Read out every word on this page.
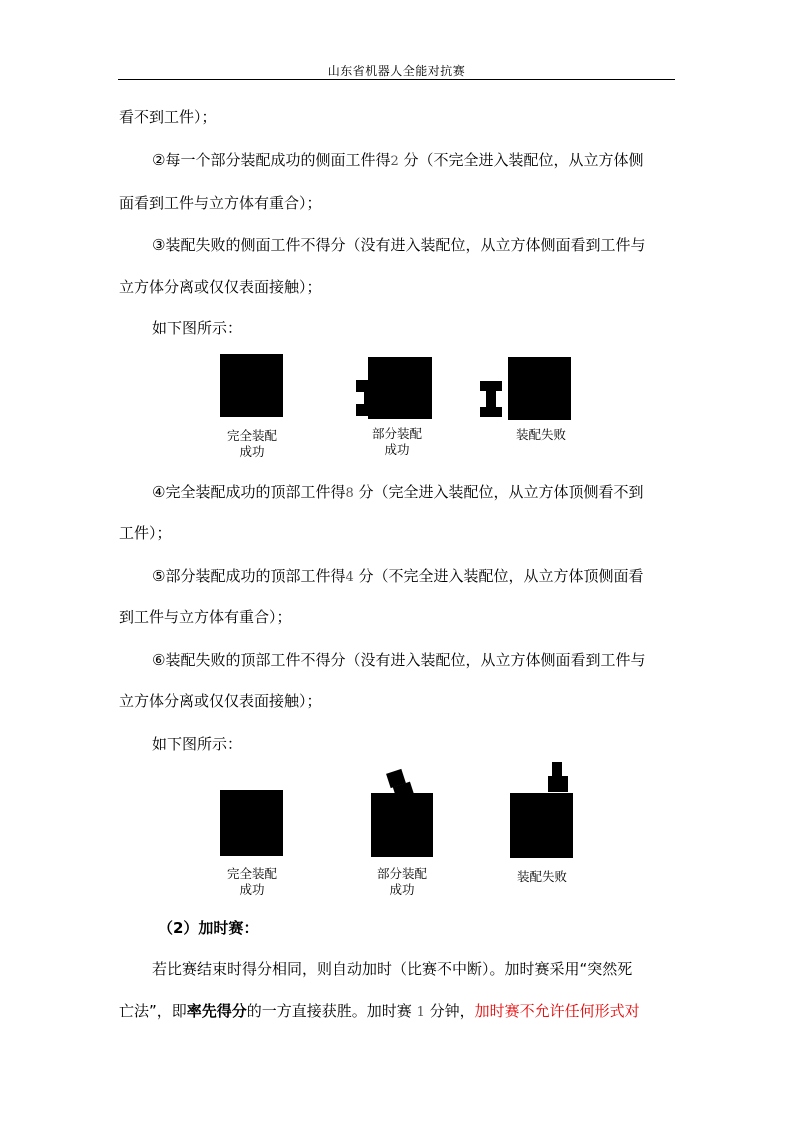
山东省机器人全能对抗赛
看不到工件）；
②每一个部分装配成功的侧面工件得2 分（不完全进入装配位，从立方体侧
面看到工件与立方体有重合）；
③装配失败的侧面工件不得分（没有进入装配位，从立方体侧面看到工件与
立方体分离或仅仅表面接触）；
如下图所示：
完全装配
成功
部分装配
成功
装配失败
④完全装配成功的顶部工件得8 分（完全进入装配位，从立方体顶侧看不到
工件）；
⑤部分装配成功的顶部工件得4 分（不完全进入装配位，从立方体顶侧面看
到工件与立方体有重合）；
⑥装配失败的顶部工件不得分（没有进入装配位，从立方体侧面看到工件与
立方体分离或仅仅表面接触）；
如下图所示：
完全装配
成功
部分装配
成功
装配失败
（2）加时赛：
若比赛结束时得分相同，则自动加时（比赛不中断）。加时赛采用“突然死
亡法”，即率先得分的一方直接获胜。加时赛 1 分钟，加时赛不允许任何形式对
